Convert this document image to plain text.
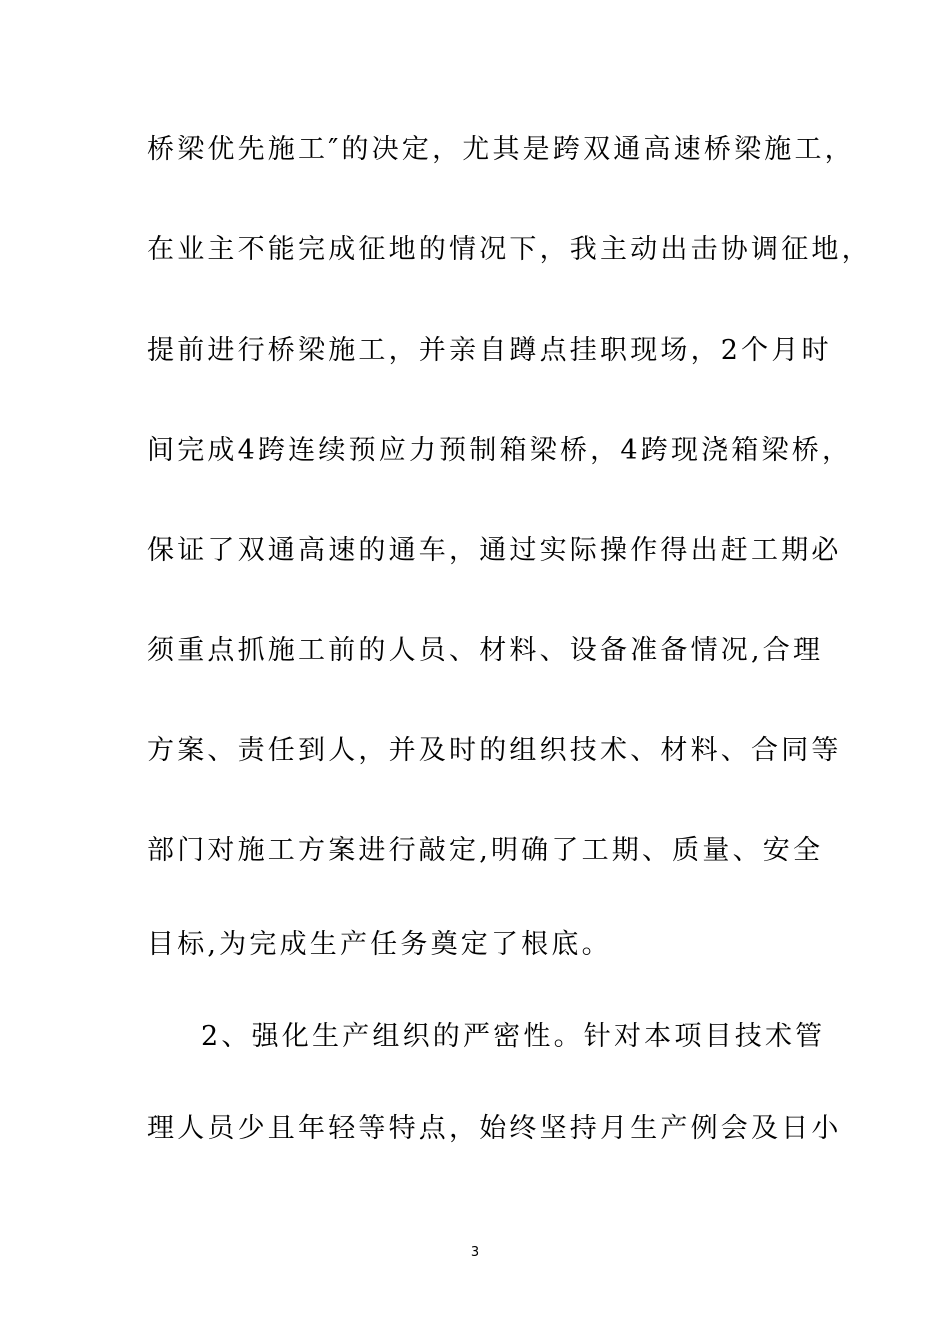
桥梁优先施工″的决定，尤其是跨双通高速桥梁施工，
在业主不能完成征地的情况下，我主动出击协调征地，
提前进行桥梁施工，并亲自蹲点挂职现场，2个月时
间完成4跨连续预应力预制箱梁桥，4跨现浇箱梁桥，
保证了双通高速的通车，通过实际操作得出赶工期必
须重点抓施工前的人员、材料、设备准备情况,合理
方案、责任到人，并及时的组织技术、材料、合同等
部门对施工方案进行敲定,明确了工期、质量、安全
目标,为完成生产任务奠定了根底。
2、强化生产组织的严密性。针对本项目技术管
理人员少且年轻等特点，始终坚持月生产例会及日小
3
